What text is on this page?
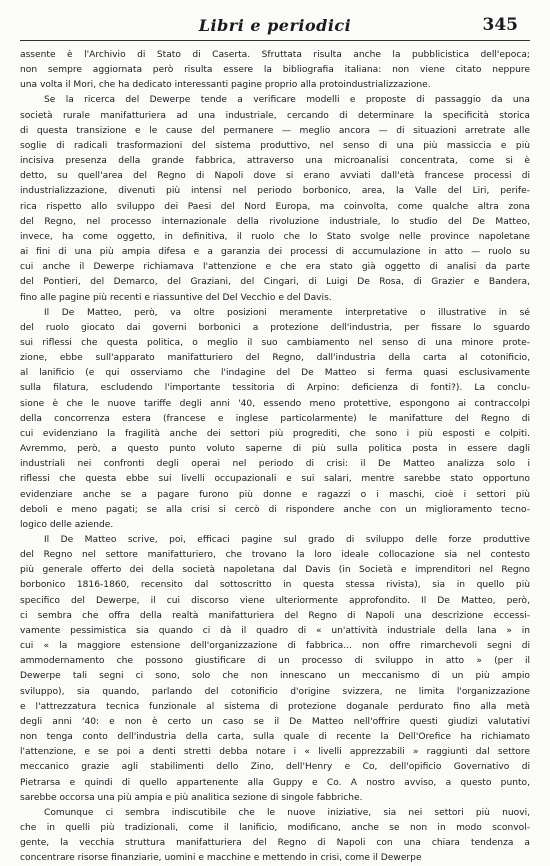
Libri e periodici	345
assente è l'Archivio di Stato di Caserta. Sfruttata risulta anche la pubblicistica dell'epoca;
non sempre aggiornata però risulta essere la bibliografia italiana: non viene citato neppure
una volta il Mori, che ha dedicato interessanti pagine proprio alla protoindustrializzazione.
Se la ricerca del Dewerpe tende a verificare modelli e proposte di passaggio da una
società rurale manifatturiera ad una industriale, cercando di determinare la specificità storica
di questa transizione e le cause del permanere — meglio ancora — di situazioni arretrate alle
soglie di radicali trasformazioni del sistema produttivo, nel senso di una più massiccia e più
incisiva presenza della grande fabbrica, attraverso una microanalisi concentrata, come si è
detto, su quell'area del Regno di Napoli dove si erano avviati dall'età francese processi di
industrializzazione, divenuti più intensi nel periodo borbonico, area, la Valle del Liri, perife-
rica rispetto allo sviluppo dei Paesi del Nord Europa, ma coinvolta, come qualche altra zona
del Regno, nel processo internazionale della rivoluzione industriale, lo studio del De Matteo,
invece, ha come oggetto, in definitiva, il ruolo che lo Stato svolge nelle province napoletane
ai fini di una più ampia difesa e a garanzia dei processi di accumulazione in atto — ruolo su
cui anche il Dewerpe richiamava l'attenzione e che era stato già oggetto di analisi da parte
del Pontieri, del Demarco, del Graziani, del Cingari, di Luigi De Rosa, di Grazier e Bandera,
fino alle pagine più recenti e riassuntive del Del Vecchio e del Davis.
Il De Matteo, però, va oltre posizioni meramente interpretative o illustrative in sé
del ruolo giocato dai governi borbonici a protezione dell'industria, per fissare lo sguardo
sui riflessi che questa politica, o meglio il suo cambiamento nel senso di una minore prote-
zione, ebbe sull'apparato manifatturiero del Regno, dall'industria della carta al cotonificio,
al lanificio (e qui osserviamo che l'indagine del De Matteo si ferma quasi esclusivamente
sulla filatura, escludendo l'importante tessitoria di Arpino: deficienza di fonti?). La conclu-
sione è che le nuove tariffe degli anni '40, essendo meno protettive, espongono ai contraccolpi
della concorrenza estera (francese e inglese particolarmente) le manifatture del Regno di
cui evidenziano la fragilità anche dei settori più progrediti, che sono i più esposti e colpiti.
Avremmo, però, a questo punto voluto saperne di più sulla politica posta in essere dagli
industriali nei confronti degli operai nel periodo di crisi: il De Matteo analizza solo i
riflessi che questa ebbe sui livelli occupazionali e sui salari, mentre sarebbe stato opportuno
evidenziare anche se a pagare furono più donne e ragazzi o i maschi, cioè i settori più
deboli e meno pagati; se alla crisi si cercò di rispondere anche con un miglioramento tecno-
logico delle aziende.
Il De Matteo scrive, poi, efficaci pagine sul grado di sviluppo delle forze produttive
del Regno nel settore manifatturiero, che trovano la loro ideale collocazione sia nel contesto
più generale offerto dei della società napoletana dal Davis (in Società e imprenditori nel Regno
borbonico 1816-1860, recensito dal sottoscritto in questa stessa rivista), sia in quello più
specifico del Dewerpe, il cui discorso viene ulteriormente approfondito. Il De Matteo, però,
ci sembra che offra della realtà manifatturiera del Regno di Napoli una descrizione eccessi-
vamente pessimistica sia quando ci dà il quadro di « un'attività industriale della lana » in
cui « la maggiore estensione dell'organizzazione di fabbrica... non offre rimarchevoli segni di
ammodernamento che possono giustificare di un processo di sviluppo in atto » (per il
Dewerpe tali segni ci sono, solo che non innescano un meccanismo di un più ampio
sviluppo), sia quando, parlando del cotonificio d'origine svizzera, ne limita l'organizzazione
e l'attrezzatura tecnica funzionale al sistema di protezione doganale perdurato fino alla metà
degli anni '40: e non è certo un caso se il De Matteo nell'offrire questi giudizi valutativi
non tenga conto dell'industria della carta, sulla quale di recente la Dell'Orefice ha richiamato
l'attenzione, e se poi a denti stretti debba notare i « livelli apprezzabili » raggiunti dal settore
meccanico grazie agli stabilimenti dello Zino, dell'Henry e Co, dell'opificio Governativo di
Pietrarsa e quindi di quello appartenente alla Guppy e Co. A nostro avviso, a questo punto,
sarebbe occorsa una più ampia e più analitica sezione di singole fabbriche.
Comunque ci sembra indiscutibile che le nuove iniziative, sia nei settori più nuovi,
che in quelli più tradizionali, come il lanificio, modificano, anche se non in modo sconvol-
gente, la vecchia struttura manifatturiera del Regno di Napoli con una chiara tendenza a
concentrare risorse finanziarie, uomini e macchine e mettendo in crisi, come il Dewerpe
